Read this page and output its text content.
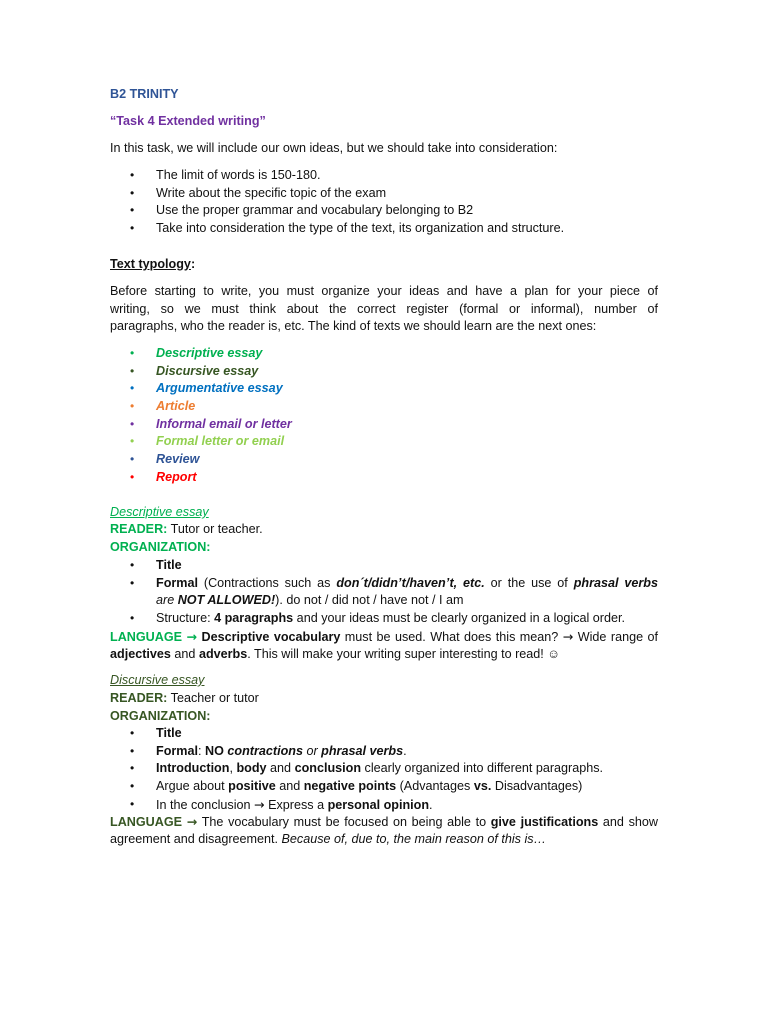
B2 TRINITY
“Task 4 Extended writing”
In this task, we will include our own ideas, but we should take into consideration:
• The limit of words is 150-180.
• Write about the specific topic of the exam
• Use the proper grammar and vocabulary belonging to B2
• Take into consideration the type of the text, its organization and structure.
Text typology:
Before starting to write, you must organize your ideas and have a plan for your piece of
writing, so we must think about the correct register (formal or informal), number of
paragraphs, who the reader is, etc. The kind of texts we should learn are the next ones:
• Descriptive essay
• Discursive essay
• Argumentative essay
• Article
• Informal email or letter
• Formal letter or email
• Review
• Report
Descriptive essay
READER: Tutor or teacher.
ORGANIZATION:
• Title
• Formal (Contractions such as don´t/didn’t/haven’t, etc. or the use of phrasal verbs
are NOT ALLOWED!). do not / did not / have not / I am
• Structure: 4 paragraphs and your ideas must be clearly organized in a logical order.
LANGUAGE → Descriptive vocabulary must be used. What does this mean? → Wide range of
adjectives and adverbs. This will make your writing super interesting to read! ☺
Discursive essay
READER: Teacher or tutor
ORGANIZATION:
• Title
• Formal: NO contractions or phrasal verbs.
• Introduction, body and conclusion clearly organized into different paragraphs.
• Argue about positive and negative points (Advantages vs. Disadvantages)
• In the conclusion → Express a personal opinion.
LANGUAGE → The vocabulary must be focused on being able to give justifications and show
agreement and disagreement. Because of, due to, the main reason of this is…
